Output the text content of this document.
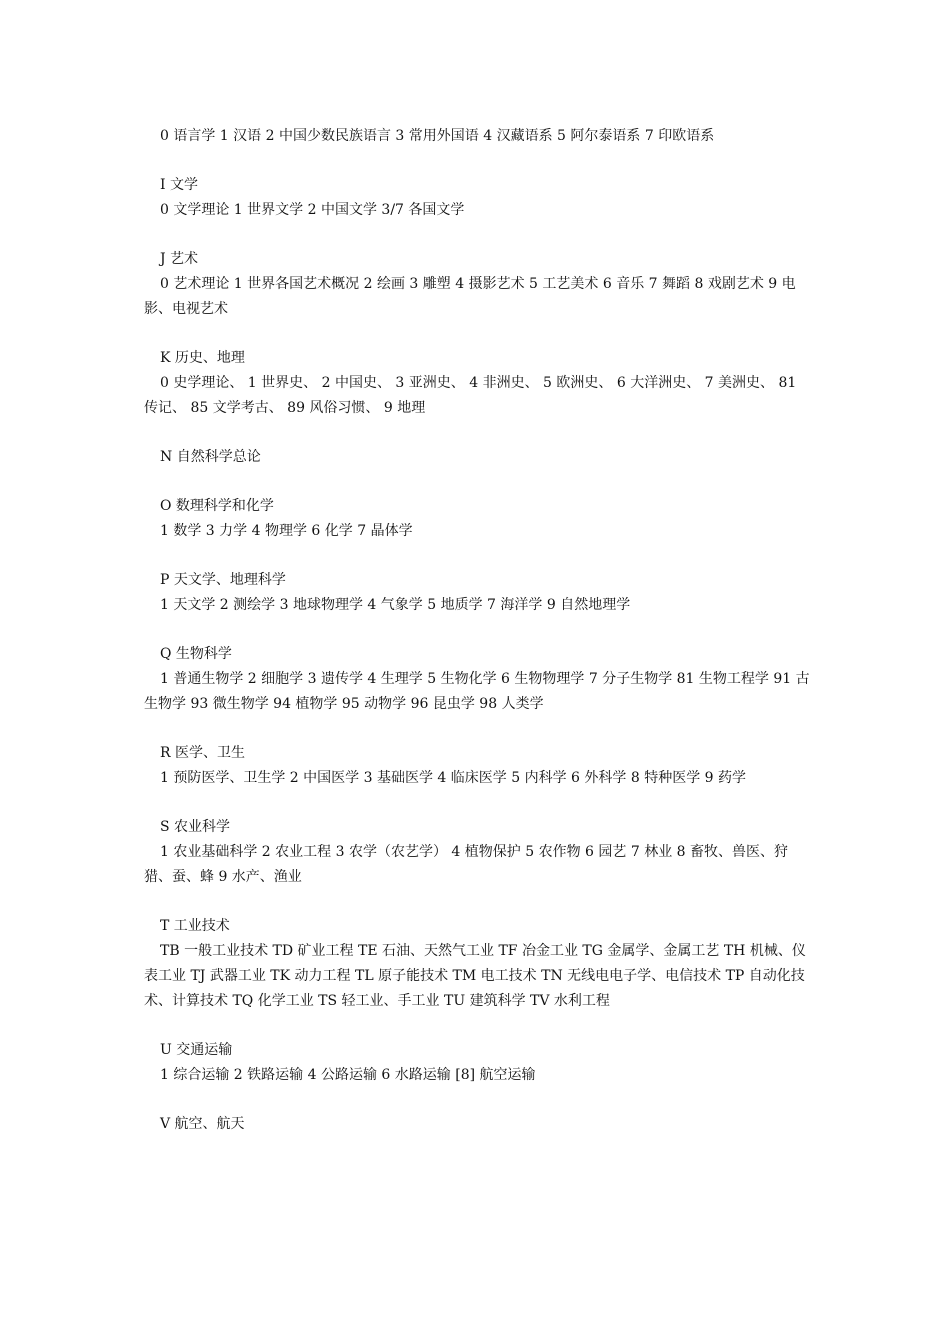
0 语言学 1 汉语 2 中国少数民族语言 3 常用外国语 4 汉藏语系 5 阿尔泰语系 7 印欧语系

I 文学

0 文学理论 1 世界文学 2 中国文学 3/7 各国文学

J 艺术

0 艺术理论 1 世界各国艺术概况 2 绘画 3 雕塑 4 摄影艺术 5 工艺美术 6 音乐 7 舞蹈 8 戏剧艺术 9 电影、电视艺术

K 历史、地理

0 史学理论、 1 世界史、 2 中国史、 3 亚洲史、 4 非洲史、 5 欧洲史、 6 大洋洲史、 7 美洲史、 81 传记、 85 文学考古、 89 风俗习惯、 9 地理

N 自然科学总论

O 数理科学和化学

1 数学 3 力学 4 物理学 6 化学 7 晶体学

P 天文学、地理科学

1 天文学 2 测绘学 3 地球物理学 4 气象学 5 地质学 7 海洋学 9 自然地理学

Q 生物科学

1 普通生物学 2 细胞学 3 遗传学 4 生理学 5 生物化学 6 生物物理学 7 分子生物学 81 生物工程学 91 古生物学 93 微生物学 94 植物学 95 动物学 96 昆虫学 98 人类学

R 医学、卫生

1 预防医学、卫生学 2 中国医学 3 基础医学 4 临床医学 5 内科学 6 外科学 8 特种医学 9 药学

S 农业科学

1 农业基础科学 2 农业工程 3 农学（农艺学） 4 植物保护 5 农作物 6 园艺 7 林业 8 畜牧、兽医、狩猎、蚕、蜂 9 水产、渔业

T 工业技术

TB 一般工业技术 TD 矿业工程 TE 石油、天然气工业 TF 冶金工业 TG 金属学、金属工艺 TH 机械、仪表工业 TJ 武器工业 TK 动力工程 TL 原子能技术 TM 电工技术 TN 无线电电子学、电信技术 TP 自动化技术、计算技术 TQ 化学工业 TS 轻工业、手工业 TU 建筑科学 TV 水利工程

U 交通运输

1 综合运输 2 铁路运输 4 公路运输 6 水路运输 [8] 航空运输

V 航空、航天
